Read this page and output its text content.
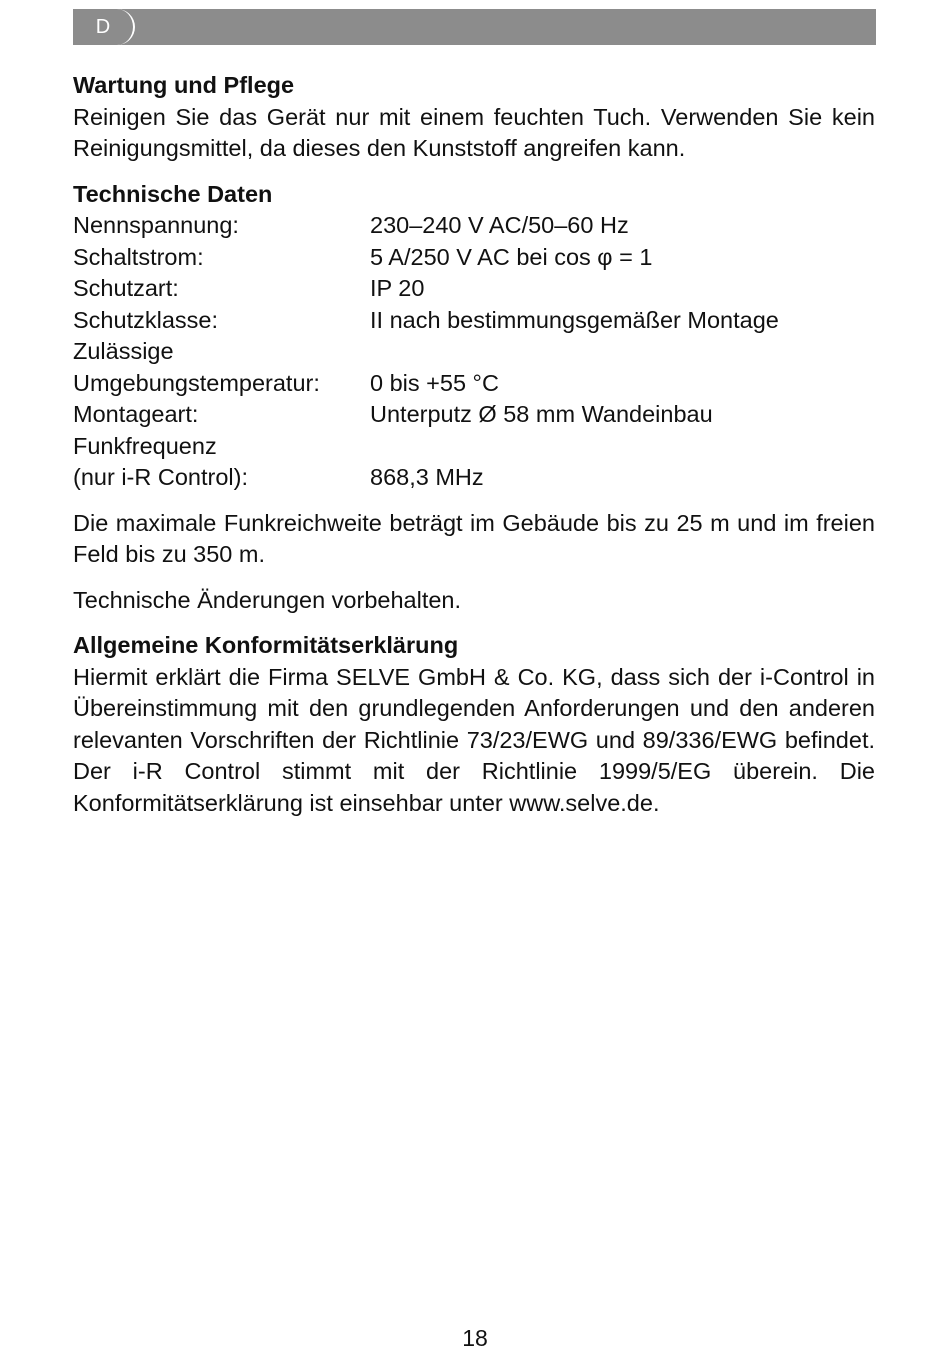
D
Wartung und Pflege

Reinigen Sie das Gerät nur mit einem feuchten Tuch. Verwenden Sie kein Reinigungsmittel, da dieses den Kunststoff angreifen kann.

Technische Daten
Nennspannung:	230–240 V AC/50–60 Hz
Schaltstrom:	5 A/250 V AC bei cos φ = 1
Schutzart:	IP 20
Schutzklasse:	II nach bestimmungsgemäßer Montage
Zulässige	
Umgebungstemperatur:	0 bis +55 °C
Montageart:	Unterputz Ø 58 mm Wandeinbau
Funkfrequenz	
(nur i-R Control):	868,3 MHz

Die maximale Funkreichweite beträgt im Gebäude bis zu 25 m und im freien Feld bis zu 350 m.

Technische Änderungen vorbehalten.

Allgemeine Konformitätserklärung

Hiermit erklärt die Firma SELVE GmbH & Co. KG, dass sich der i-Control in Übereinstimmung mit den grundlegenden Anforderungen und den anderen relevanten Vorschriften der Richtlinie 73/23/EWG und 89/336/EWG befindet. Der i-R Control stimmt mit der Richtlinie 1999/5/EG überein. Die Konformitätserklärung ist einsehbar unter www.selve.de.

18
